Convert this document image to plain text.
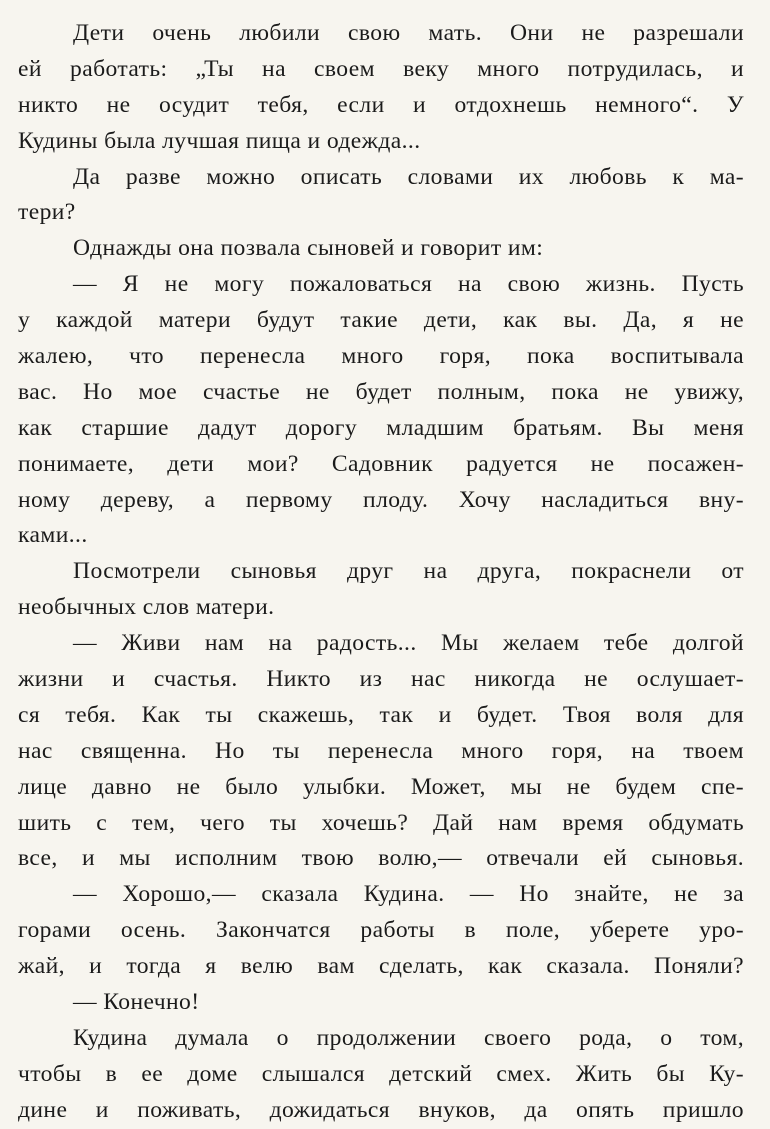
Дети очень любили свою мать. Они не разрешали
ей работать: „Ты на своем веку много потрудилась, и
никто не осудит тебя, если и отдохнешь немного“. У
Кудины была лучшая пища и одежда...
Да разве можно описать словами их любовь к ма-
тери?
Однажды она позвала сыновей и говорит им:
— Я не могу пожаловаться на свою жизнь. Пусть
у каждой матери будут такие дети, как вы. Да, я не
жалею, что перенесла много горя, пока воспитывала
вас. Но мое счастье не будет полным, пока не увижу,
как старшие дадут дорогу младшим братьям. Вы меня
понимаете, дети мои? Садовник радуется не посажен-
ному дереву, а первому плоду. Хочу насладиться вну-
ками...
Посмотрели сыновья друг на друга, покраснели от
необычных слов матери.
— Живи нам на радость... Мы желаем тебе долгой
жизни и счастья. Никто из нас никогда не ослушает-
ся тебя. Как ты скажешь, так и будет. Твоя воля для
нас священна. Но ты перенесла много горя, на твоем
лице давно не было улыбки. Может, мы не будем спе-
шить с тем, чего ты хочешь? Дай нам время обдумать
все, и мы исполним твою волю,— отвечали ей сыновья.
— Хорошо,— сказала Кудина. — Но знайте, не за
горами осень. Закончатся работы в поле, уберете уро-
жай, и тогда я велю вам сделать, как сказала. Поняли?
— Конечно!
Кудина думала о продолжении своего рода, о том,
чтобы в ее доме слышался детский смех. Жить бы Ку-
дине и поживать, дожидаться внуков, да опять пришло
